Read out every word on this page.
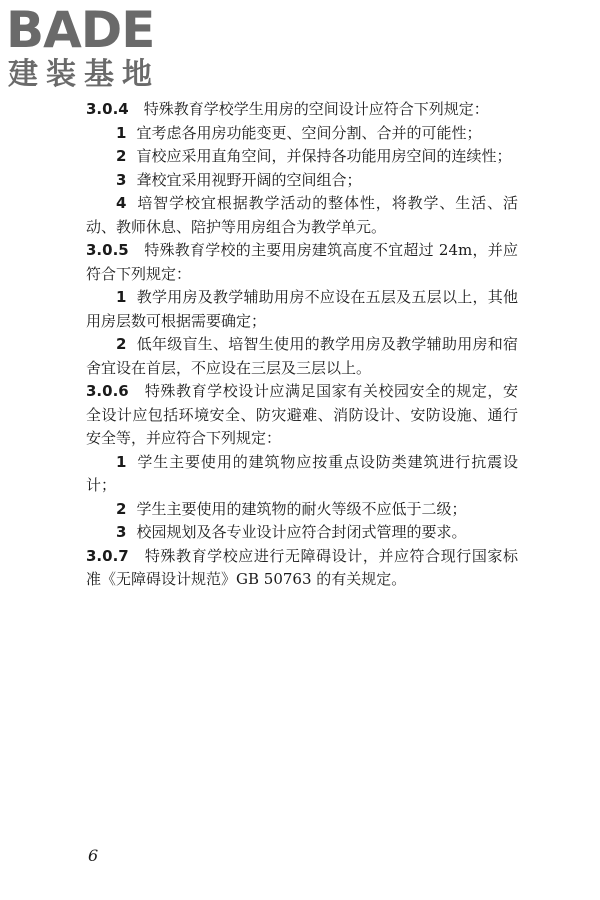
BADE
建装基地

3.0.4　 特殊教育学校学生用房的空间设计应符合下列规定：

1 宜考虑各用房功能变更、空间分割、合并的可能性；

2 盲校应采用直角空间，并保持各功能用房空间的连续性；

3 聋校宜采用视野开阔的空间组合；

4 培智学校宜根据教学活动的整体性，将教学、生活、活动、教师休息、陪护等用房组合为教学单元。

3.0.5　 特殊教育学校的主要用房建筑高度不宜超过 24m，并应符合下列规定：

1 教学用房及教学辅助用房不应设在五层及五层以上，其他用房层数可根据需要确定；

2 低年级盲生、培智生使用的教学用房及教学辅助用房和宿舍宜设在首层，不应设在三层及三层以上。

3.0.6　 特殊教育学校设计应满足国家有关校园安全的规定，安全设计应包括环境安全、防灾避难、消防设计、安防设施、通行安全等，并应符合下列规定：

1 学生主要使用的建筑物应按重点设防类建筑进行抗震设计；

2 学生主要使用的建筑物的耐火等级不应低于二级；

3 校园规划及各专业设计应符合封闭式管理的要求。

3.0.7　 特殊教育学校应进行无障碍设计，并应符合现行国家标准《无障碍设计规范》GB 50763 的有关规定。

6
